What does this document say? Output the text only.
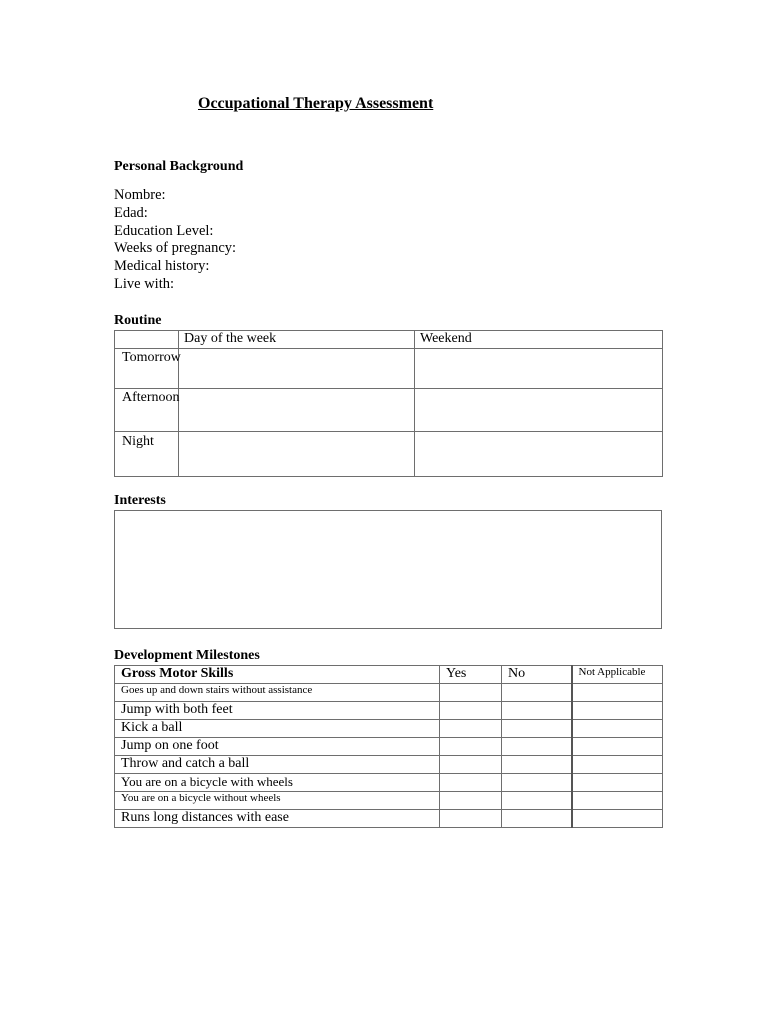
Occupational Therapy Assessment
Personal Background
Nombre:
Edad:
Education Level:
Weeks of pregnancy:
Medical history:
Live with:
Routine
	Day of the week	Weekend
Tomorrow		
Afternoon		
Night		
Interests
Development Milestones
Gross Motor Skills	Yes	No	Not Applicable
Goes up and down stairs without assistance			
Jump with both feet			
Kick a ball			
Jump on one foot			
Throw and catch a ball			
You are on a bicycle with wheels			
You are on a bicycle without wheels			
Runs long distances with ease			
